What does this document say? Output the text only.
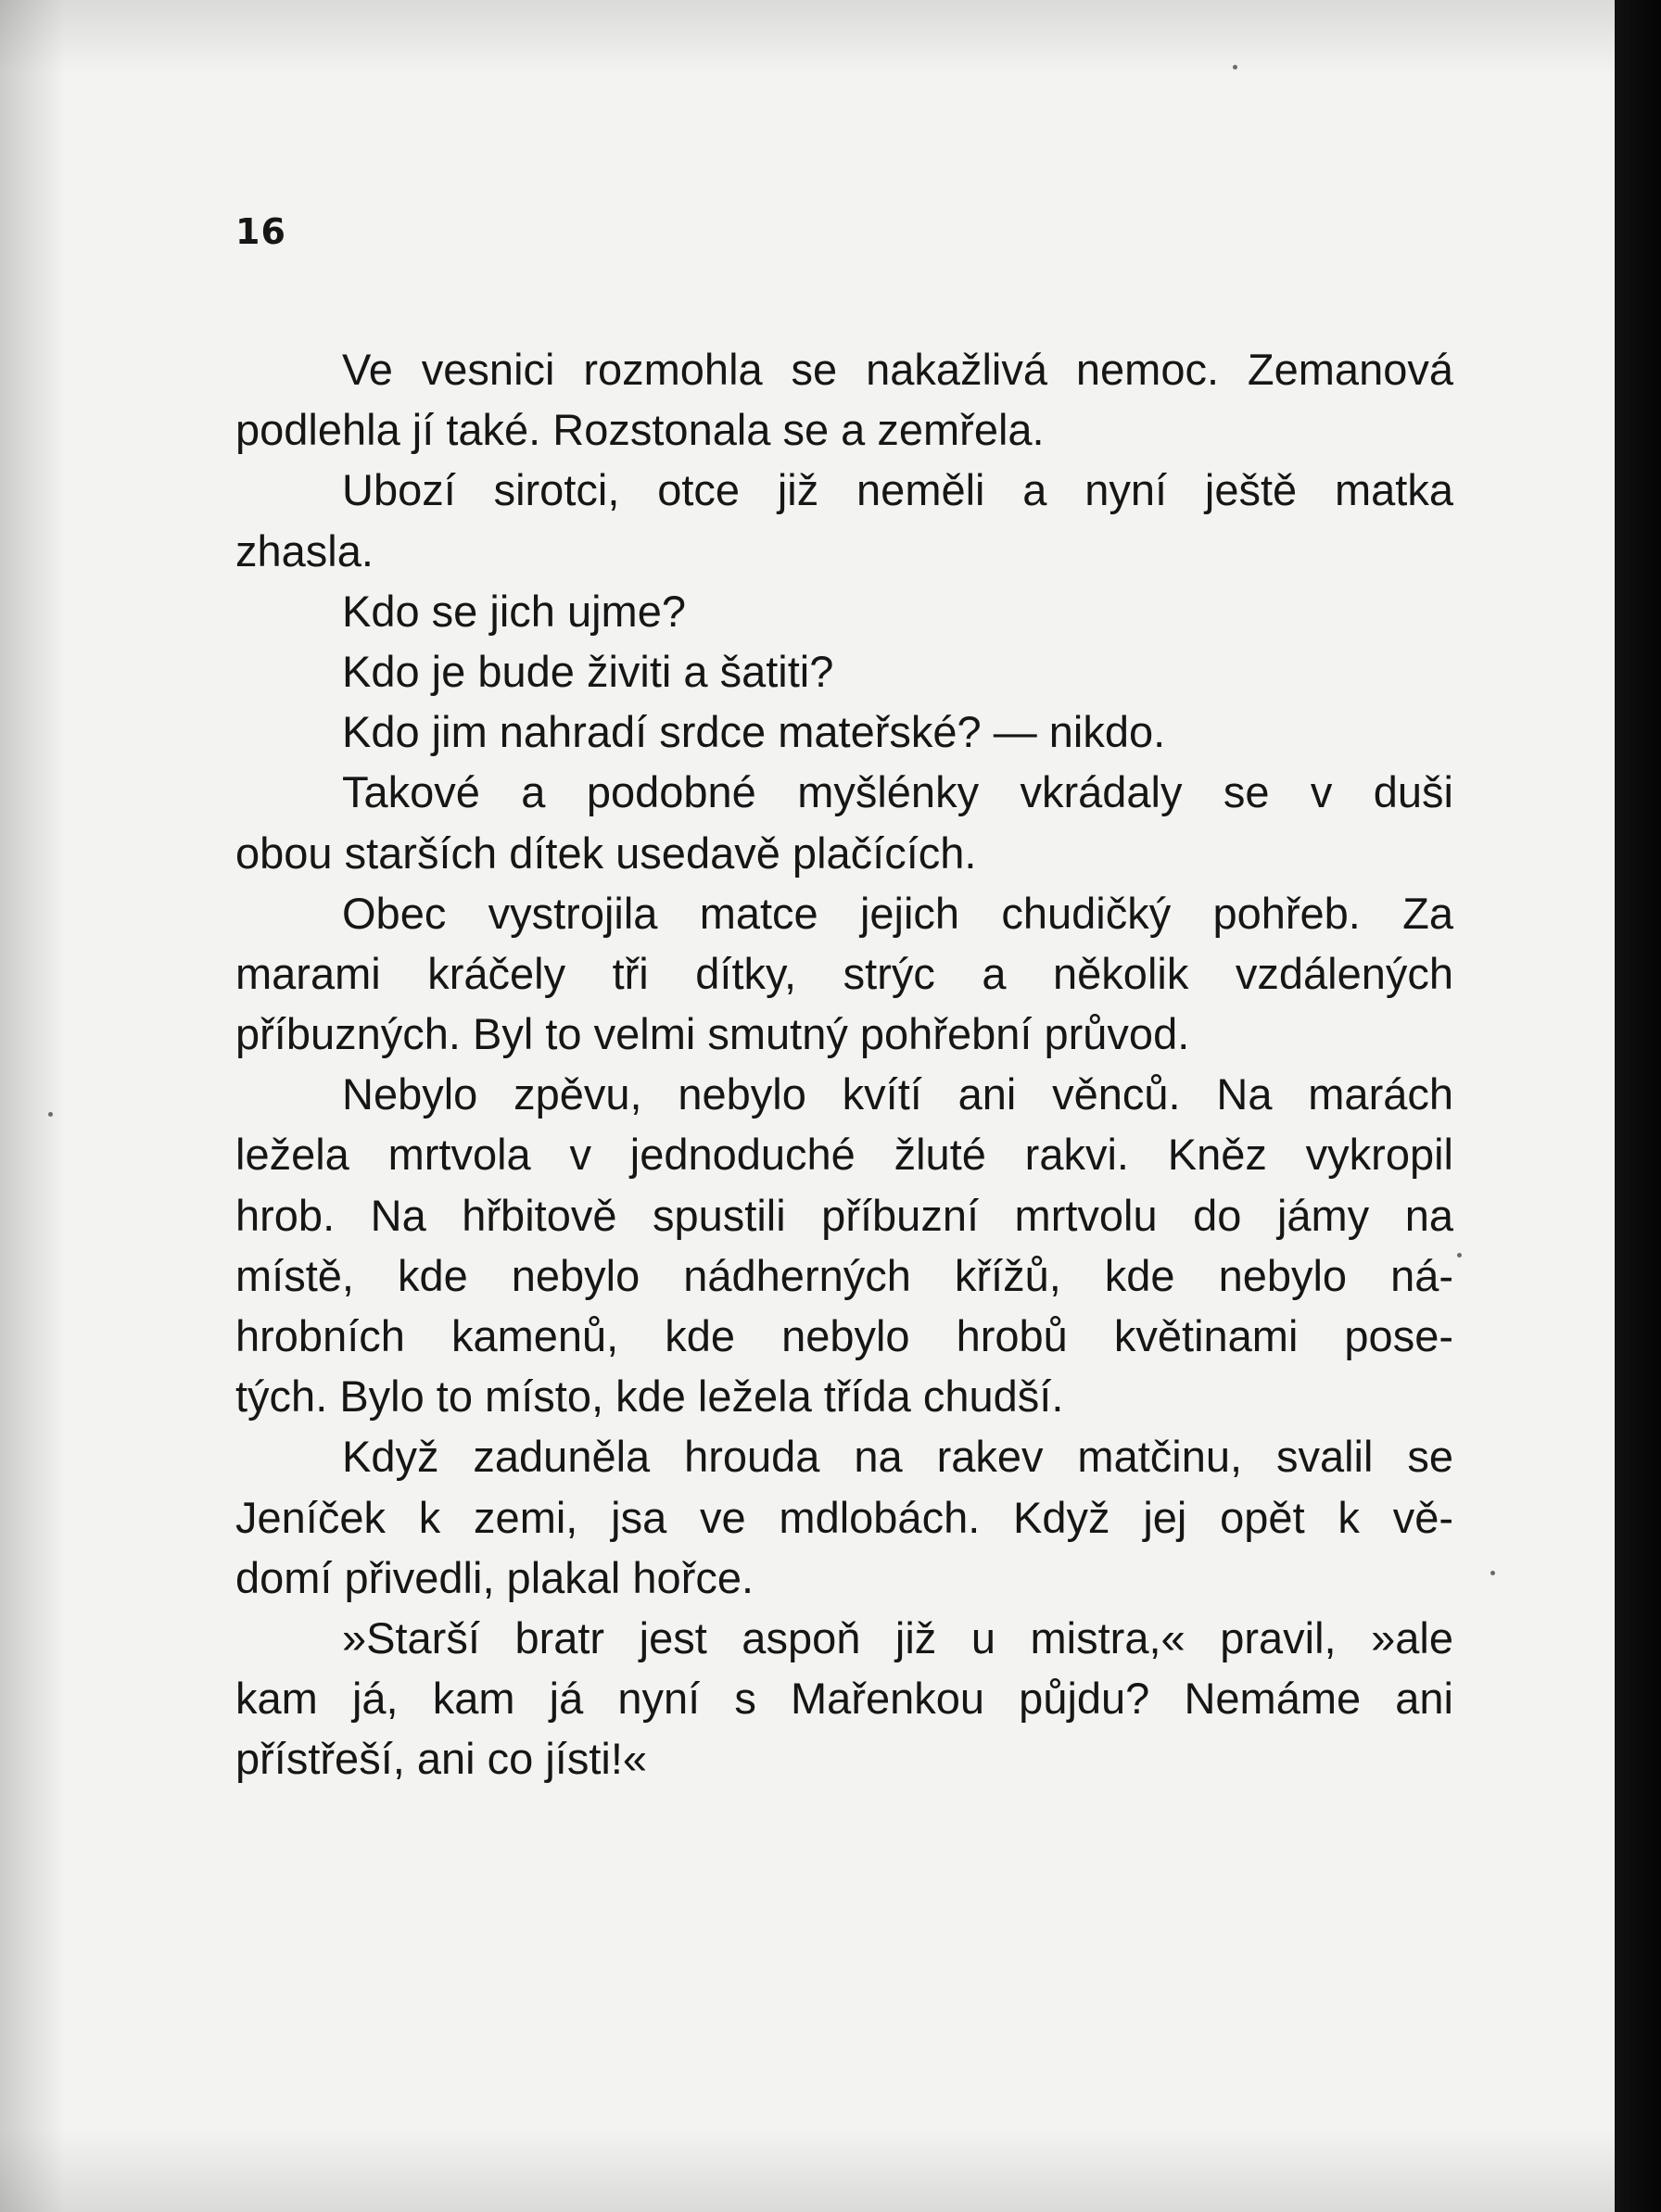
16
Ve vesnici rozmohla se nakažlivá nemoc. Zemanová
podlehla jí také. Rozstonala se a zemřela.
Ubozí sirotci, otce již neměli a nyní ještě matka
zhasla.
Kdo se jich ujme?
Kdo je bude živiti a šatiti?
Kdo jim nahradí srdce mateřské? — nikdo.
Takové a podobné myšlénky vkrádaly se v duši
obou starších dítek usedavě plačících.
Obec vystrojila matce jejich chudičký pohřeb. Za
marami kráčely tři dítky, strýc a několik vzdálených
příbuzných. Byl to velmi smutný pohřební průvod.
Nebylo zpěvu, nebylo kvítí ani věnců. Na marách
ležela mrtvola v jednoduché žluté rakvi. Kněz vykropil
hrob. Na hřbitově spustili příbuzní mrtvolu do jámy na
místě, kde nebylo nádherných křížů, kde nebylo ná-
hrobních kamenů, kde nebylo hrobů květinami pose-
tých. Bylo to místo, kde ležela třída chudší.
Když zaduněla hrouda na rakev matčinu, svalil se
Jeníček k zemi, jsa ve mdlobách. Když jej opět k vě-
domí přivedli, plakal hořce.
»Starší bratr jest aspoň již u mistra,« pravil, »ale
kam já, kam já nyní s Mařenkou půjdu? Nemáme ani
přístřeší, ani co jísti!«
